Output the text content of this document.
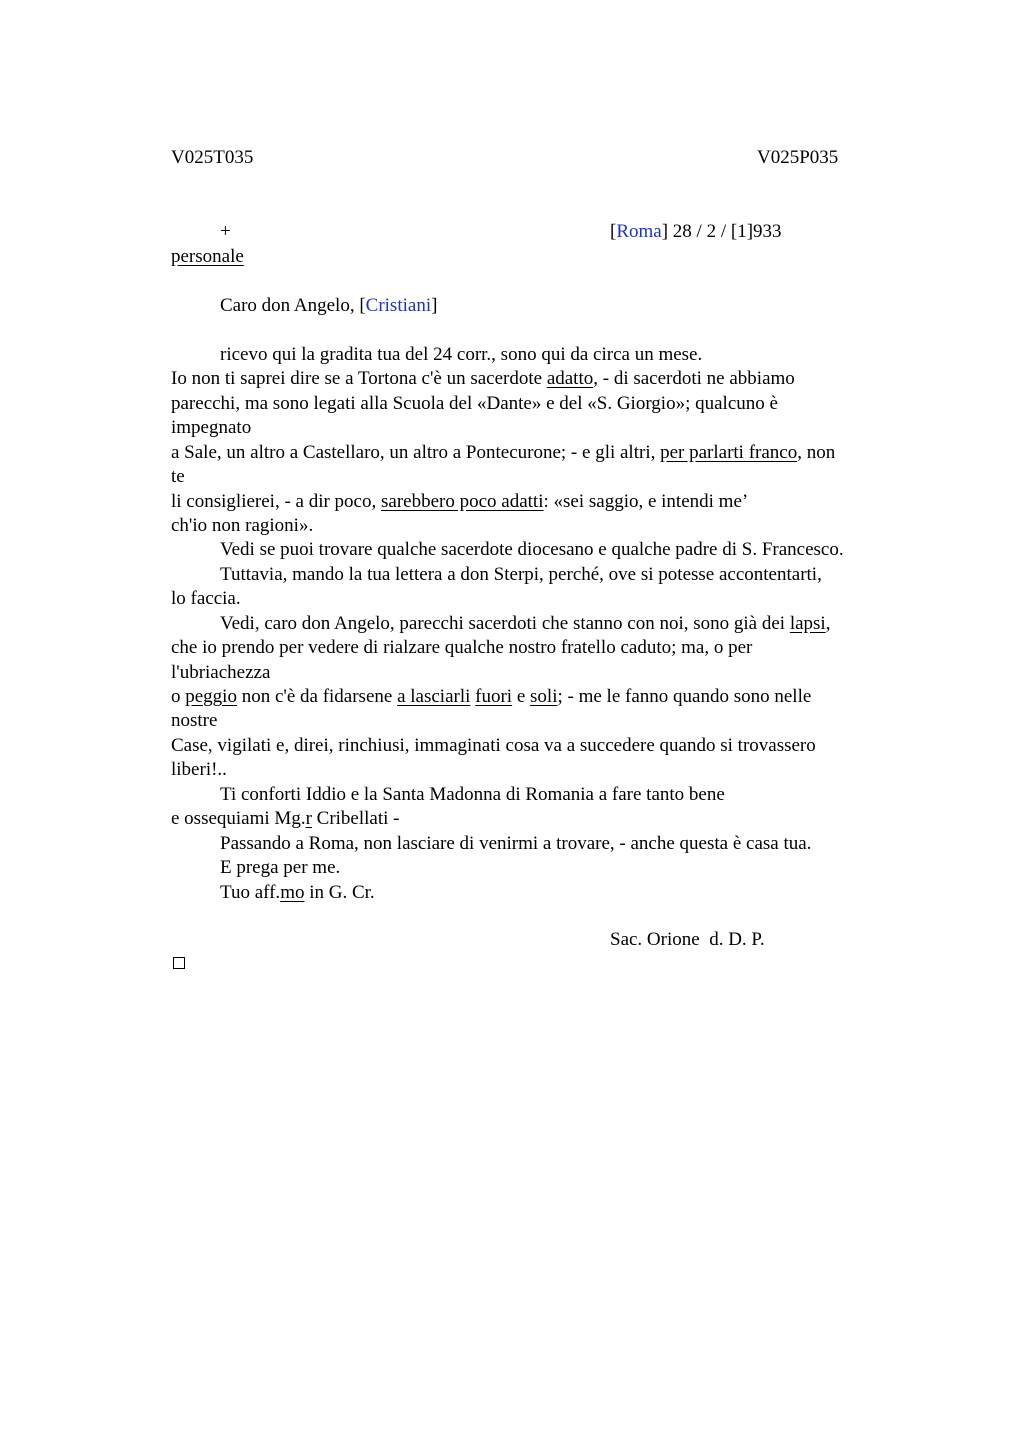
V025T035	V025P035
+	[Roma] 28 / 2 / [1]933
personale
Caro don Angelo, [Cristiani]
ricevo qui la gradita tua del 24 corr., sono qui da circa un mese.
Io non ti saprei dire se a Tortona c'è un sacerdote adatto, - di sacerdoti ne abbiamo
parecchi, ma sono legati alla Scuola del «Dante» e del «S. Giorgio»; qualcuno è
impegnato
a Sale, un altro a Castellaro, un altro a Pontecurone; - e gli altri, per parlarti franco, non
te
li consiglierei, - a dir poco, sarebbero poco adatti: «sei saggio, e intendi me’
ch'io non ragioni».
Vedi se puoi trovare qualche sacerdote diocesano e qualche padre di S. Francesco.
Tuttavia, mando la tua lettera a don Sterpi, perché, ove si potesse accontentarti,
lo faccia.
Vedi, caro don Angelo, parecchi sacerdoti che stanno con noi, sono già dei lapsi,
che io prendo per vedere di rialzare qualche nostro fratello caduto; ma, o per
l'ubriachezza
o peggio non c'è da fidarsene a lasciarli fuori e soli; - me le fanno quando sono nelle
nostre
Case, vigilati e, direi, rinchiusi, immaginati cosa va a succedere quando si trovassero
liberi!..
Ti conforti Iddio e la Santa Madonna di Romania a fare tanto bene
e ossequiami Mg.r Cribellati -
Passando a Roma, non lasciare di venirmi a trovare, - anche questa è casa tua.
E prega per me.
Tuo aff.mo in G. Cr.
Sac. Orione  d. D. P.
